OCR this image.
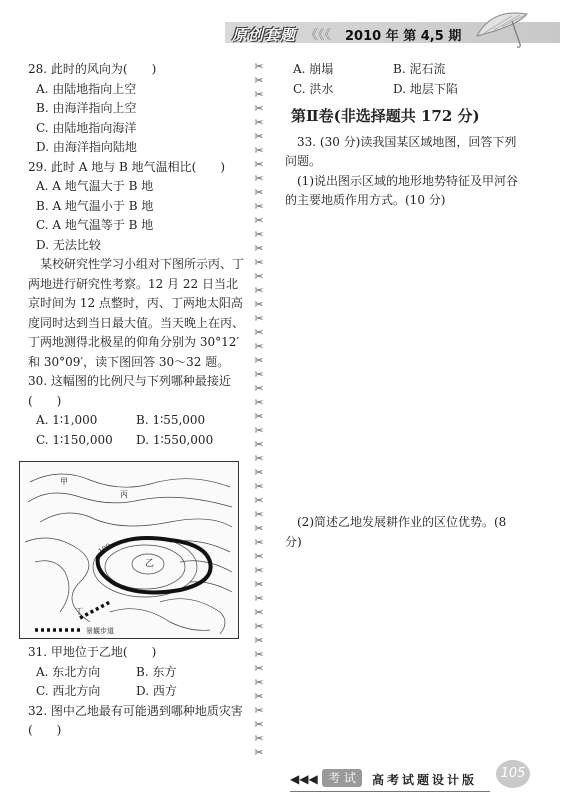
原创套题 《《《 2010 年 第 4,5 期

28. 此时的风向为(　　)

A. 由陆地指向上空

B. 由海洋指向上空

C. 由陆地指向海洋

D. 由海洋指向陆地

29. 此时 A 地与 B 地气温相比(　　)

A. A 地气温大于 B 地

B. A 地气温小于 B 地

C. A 地气温等于 B 地

D. 无法比较

某校研究性学习小组对下图所示丙、丁两地进行研究性考察。12 月 22 日当北京时间为 12 点整时，丙、丁两地太阳高度同时达到当日最大值。当天晚上在丙、丁两地测得北极星的仰角分别为 30°12′和 30°09′，读下图回答 30～32 题。

30. 这幅图的比例尺与下列哪种最接近(　　)

A. 1∶1,000	B. 1∶55,000

C. 1∶150,000	D. 1∶550,000

甲
乙
丙
丁
100
景観步道

31. 甲地位于乙地(　　)

A. 东北方向	B. 东方

C. 西北方向	D. 西方

32. 图中乙地最有可能遇到哪种地质灾害(　　)

✂ ✂ ✂ ✂ ✂ ✂ ✂ ✂ ✂ ✂ ✂ ✂ ✂ ✂ ✂ ✂ ✂ ✂ ✂ ✂ ✂ ✂ ✂ ✂ ✂ ✂ ✂ ✂ ✂ ✂ ✂ ✂ ✂ ✂ ✂ ✂ ✂ ✂ ✂ ✂ ✂ ✂ ✂ ✂ ✂ ✂ ✂ ✂ ✂ ✂

A. 崩塌	B. 泥石流

C. 洪水	D. 地层下陷

第Ⅱ卷(非选择题共 172 分)

33. (30 分)读我国某区域地图，回答下列问题。

(1)说出图示区域的地形地势特征及甲河谷的主要地质作用方式。(10 分)

(2)简述乙地发展耕作业的区位优势。(8 分)

◀◀◀ 考 试	高考试题设计版	105
